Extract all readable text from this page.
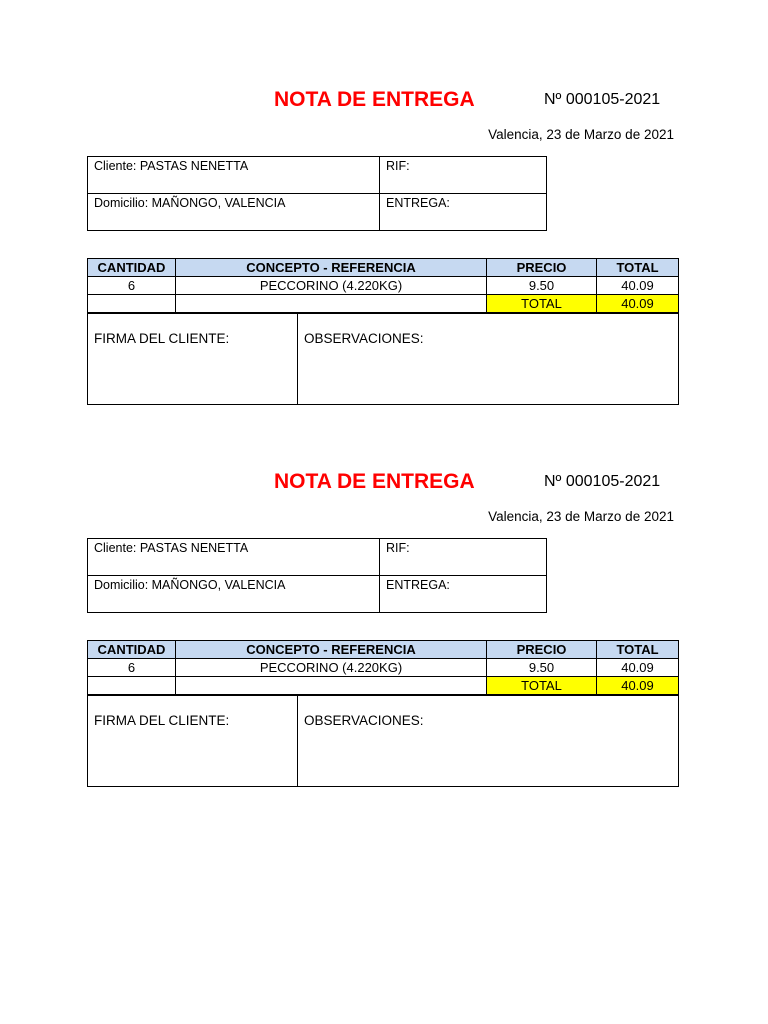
NOTA DE ENTREGA	Nº 000105-2021
Valencia, 23 de Marzo de 2021
Cliente: PASTAS NENETTA	RIF:
Domicilio: MAÑONGO, VALENCIA	ENTREGA:
CANTIDAD	CONCEPTO - REFERENCIA	PRECIO	TOTAL
6	PECCORINO (4.220KG)	9.50	40.09
		TOTAL	40.09
FIRMA DEL CLIENTE:	OBSERVACIONES:
NOTA DE ENTREGA	Nº 000105-2021
Valencia, 23 de Marzo de 2021
Cliente: PASTAS NENETTA	RIF:
Domicilio: MAÑONGO, VALENCIA	ENTREGA:
CANTIDAD	CONCEPTO - REFERENCIA	PRECIO	TOTAL
6	PECCORINO (4.220KG)	9.50	40.09
		TOTAL	40.09
FIRMA DEL CLIENTE:	OBSERVACIONES:
